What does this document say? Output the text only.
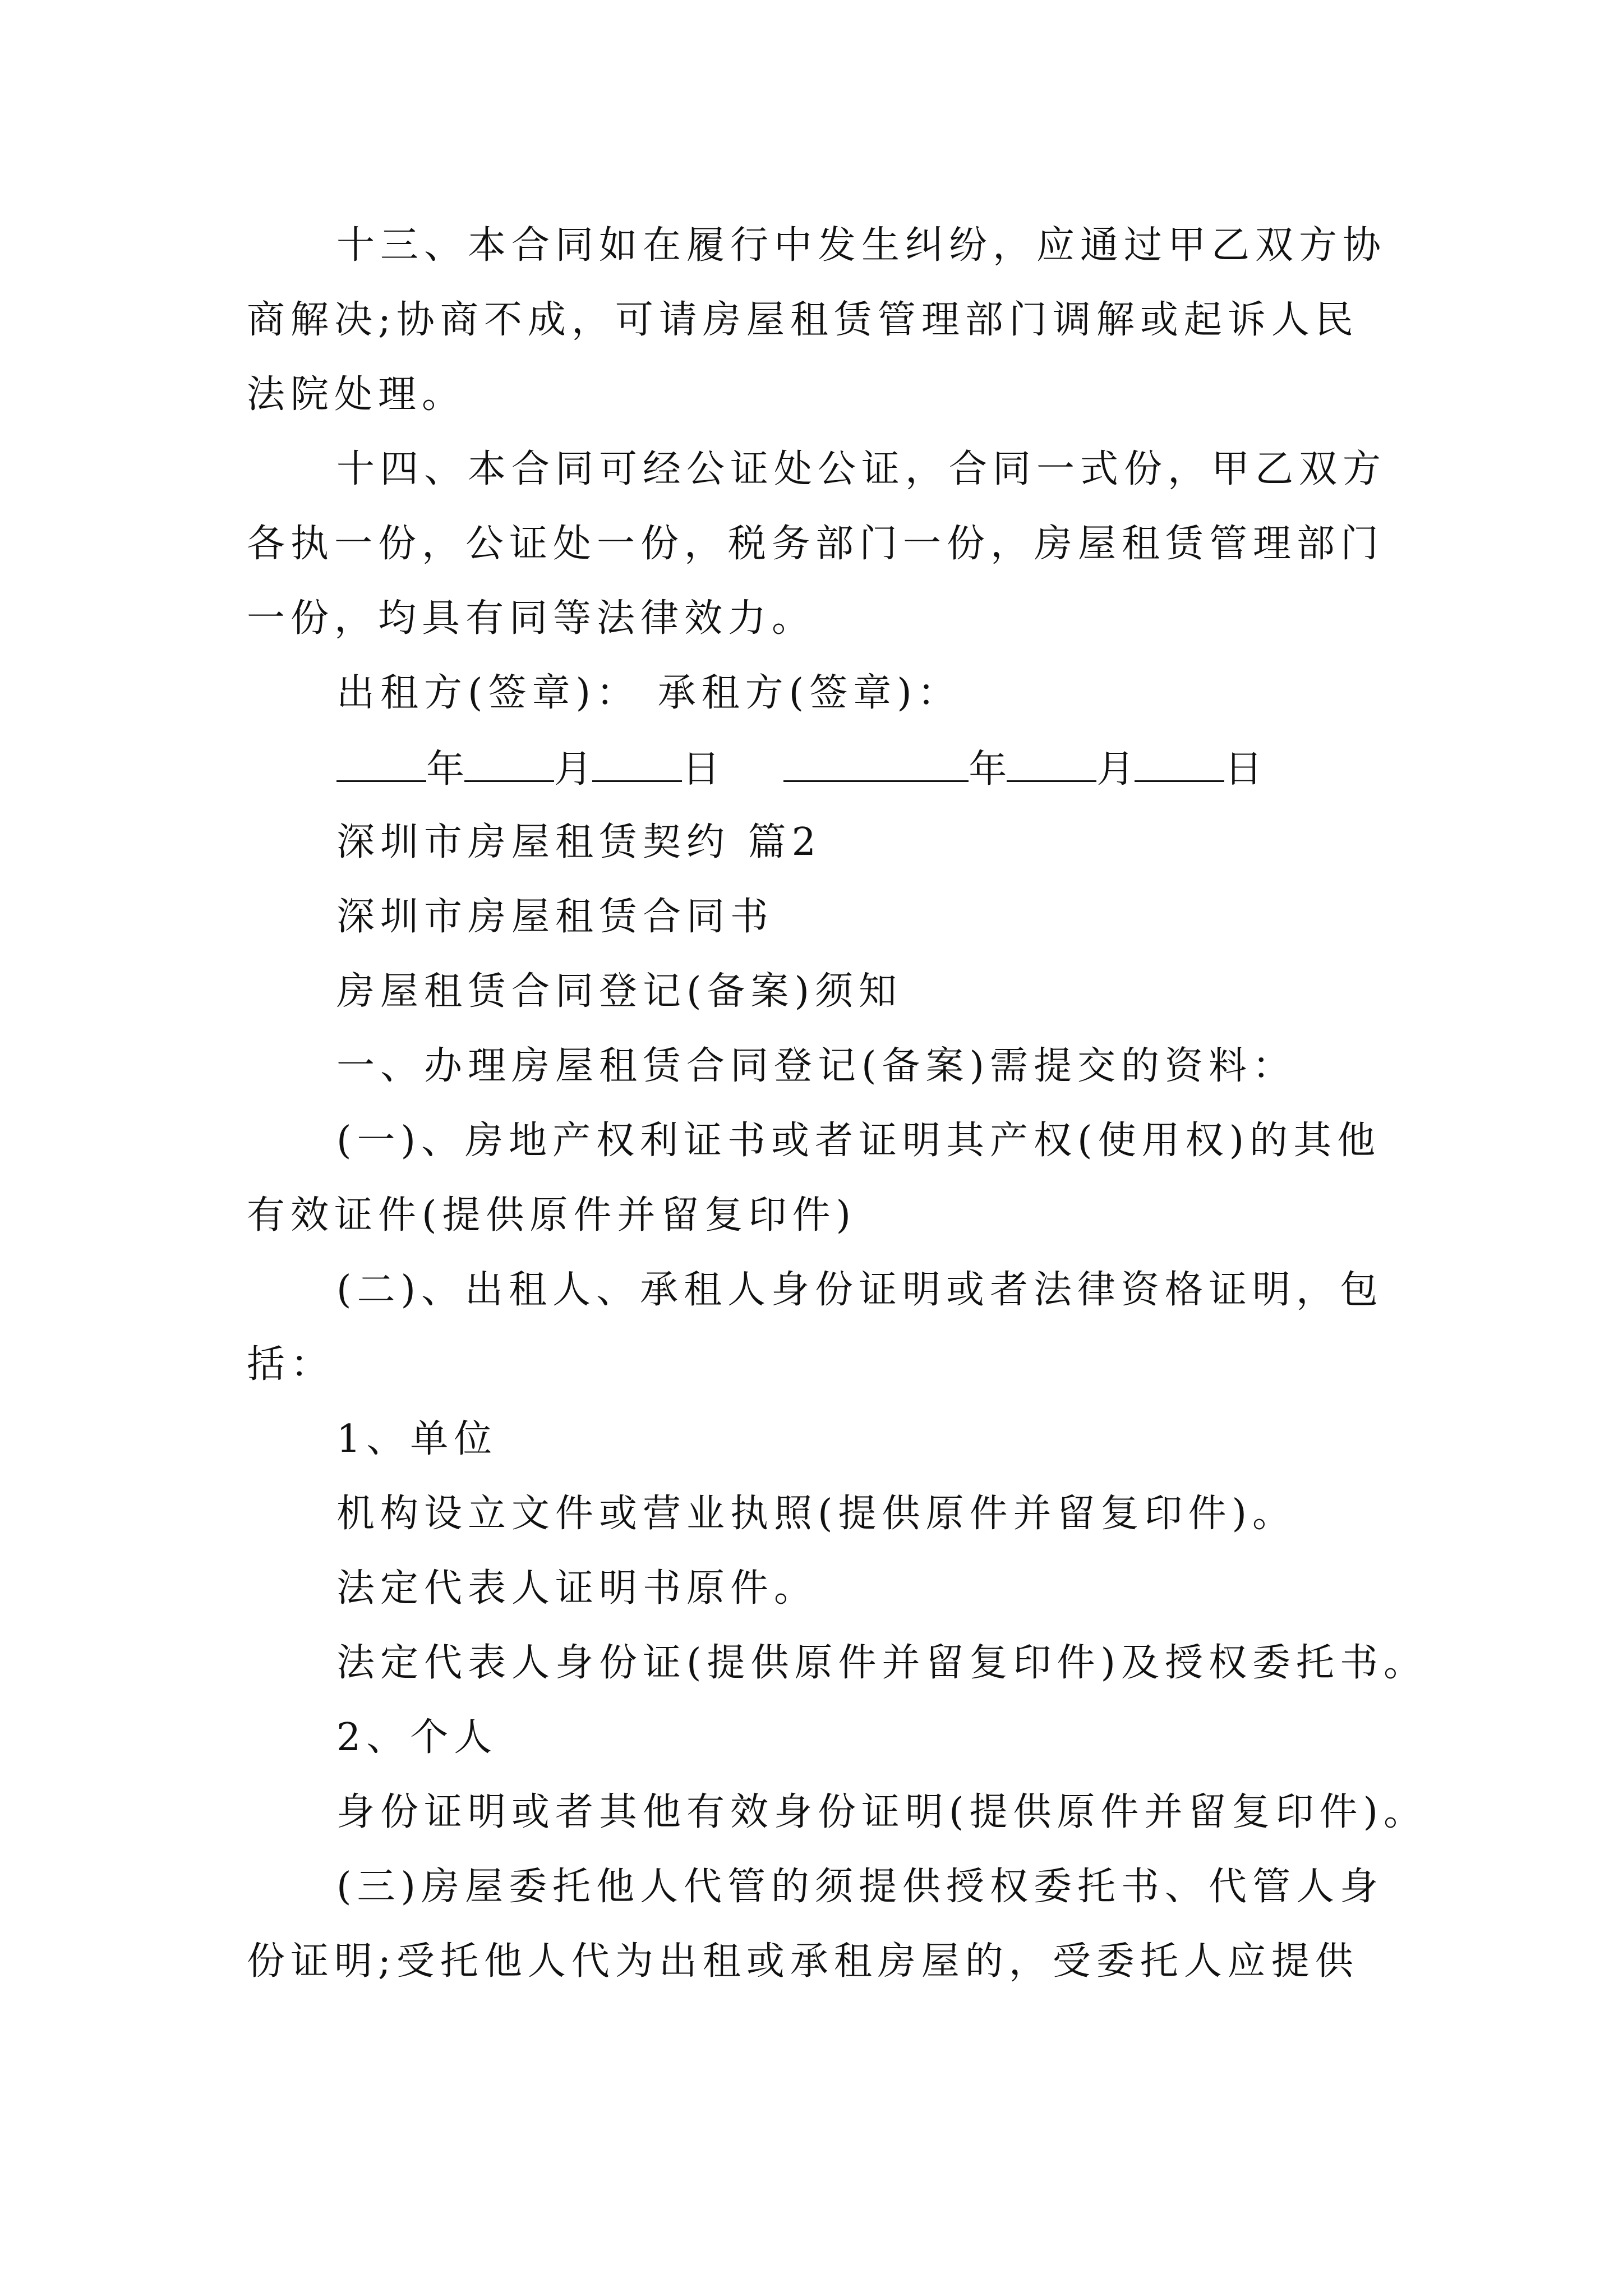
十三、本合同如在履行中发生纠纷，应通过甲乙双方协
商解决;协商不成，可请房屋租赁管理部门调解或起诉人民
法院处理。
十四、本合同可经公证处公证，合同一式份，甲乙双方
各执一份，公证处一份，税务部门一份，房屋租赁管理部门
一份，均具有同等法律效力。
出租方(签章)： 承租方(签章)：
年 月 日	年 月 日
深圳市房屋租赁契约 篇2
深圳市房屋租赁合同书
房屋租赁合同登记(备案)须知
一、办理房屋租赁合同登记(备案)需提交的资料：
(一)、房地产权利证书或者证明其产权(使用权)的其他
有效证件(提供原件并留复印件)
(二)、出租人、承租人身份证明或者法律资格证明，包
括：
1、单位
机构设立文件或营业执照(提供原件并留复印件)。
法定代表人证明书原件。
法定代表人身份证(提供原件并留复印件)及授权委托书。
2、个人
身份证明或者其他有效身份证明(提供原件并留复印件)。
(三)房屋委托他人代管的须提供授权委托书、代管人身
份证明;受托他人代为出租或承租房屋的，受委托人应提供
